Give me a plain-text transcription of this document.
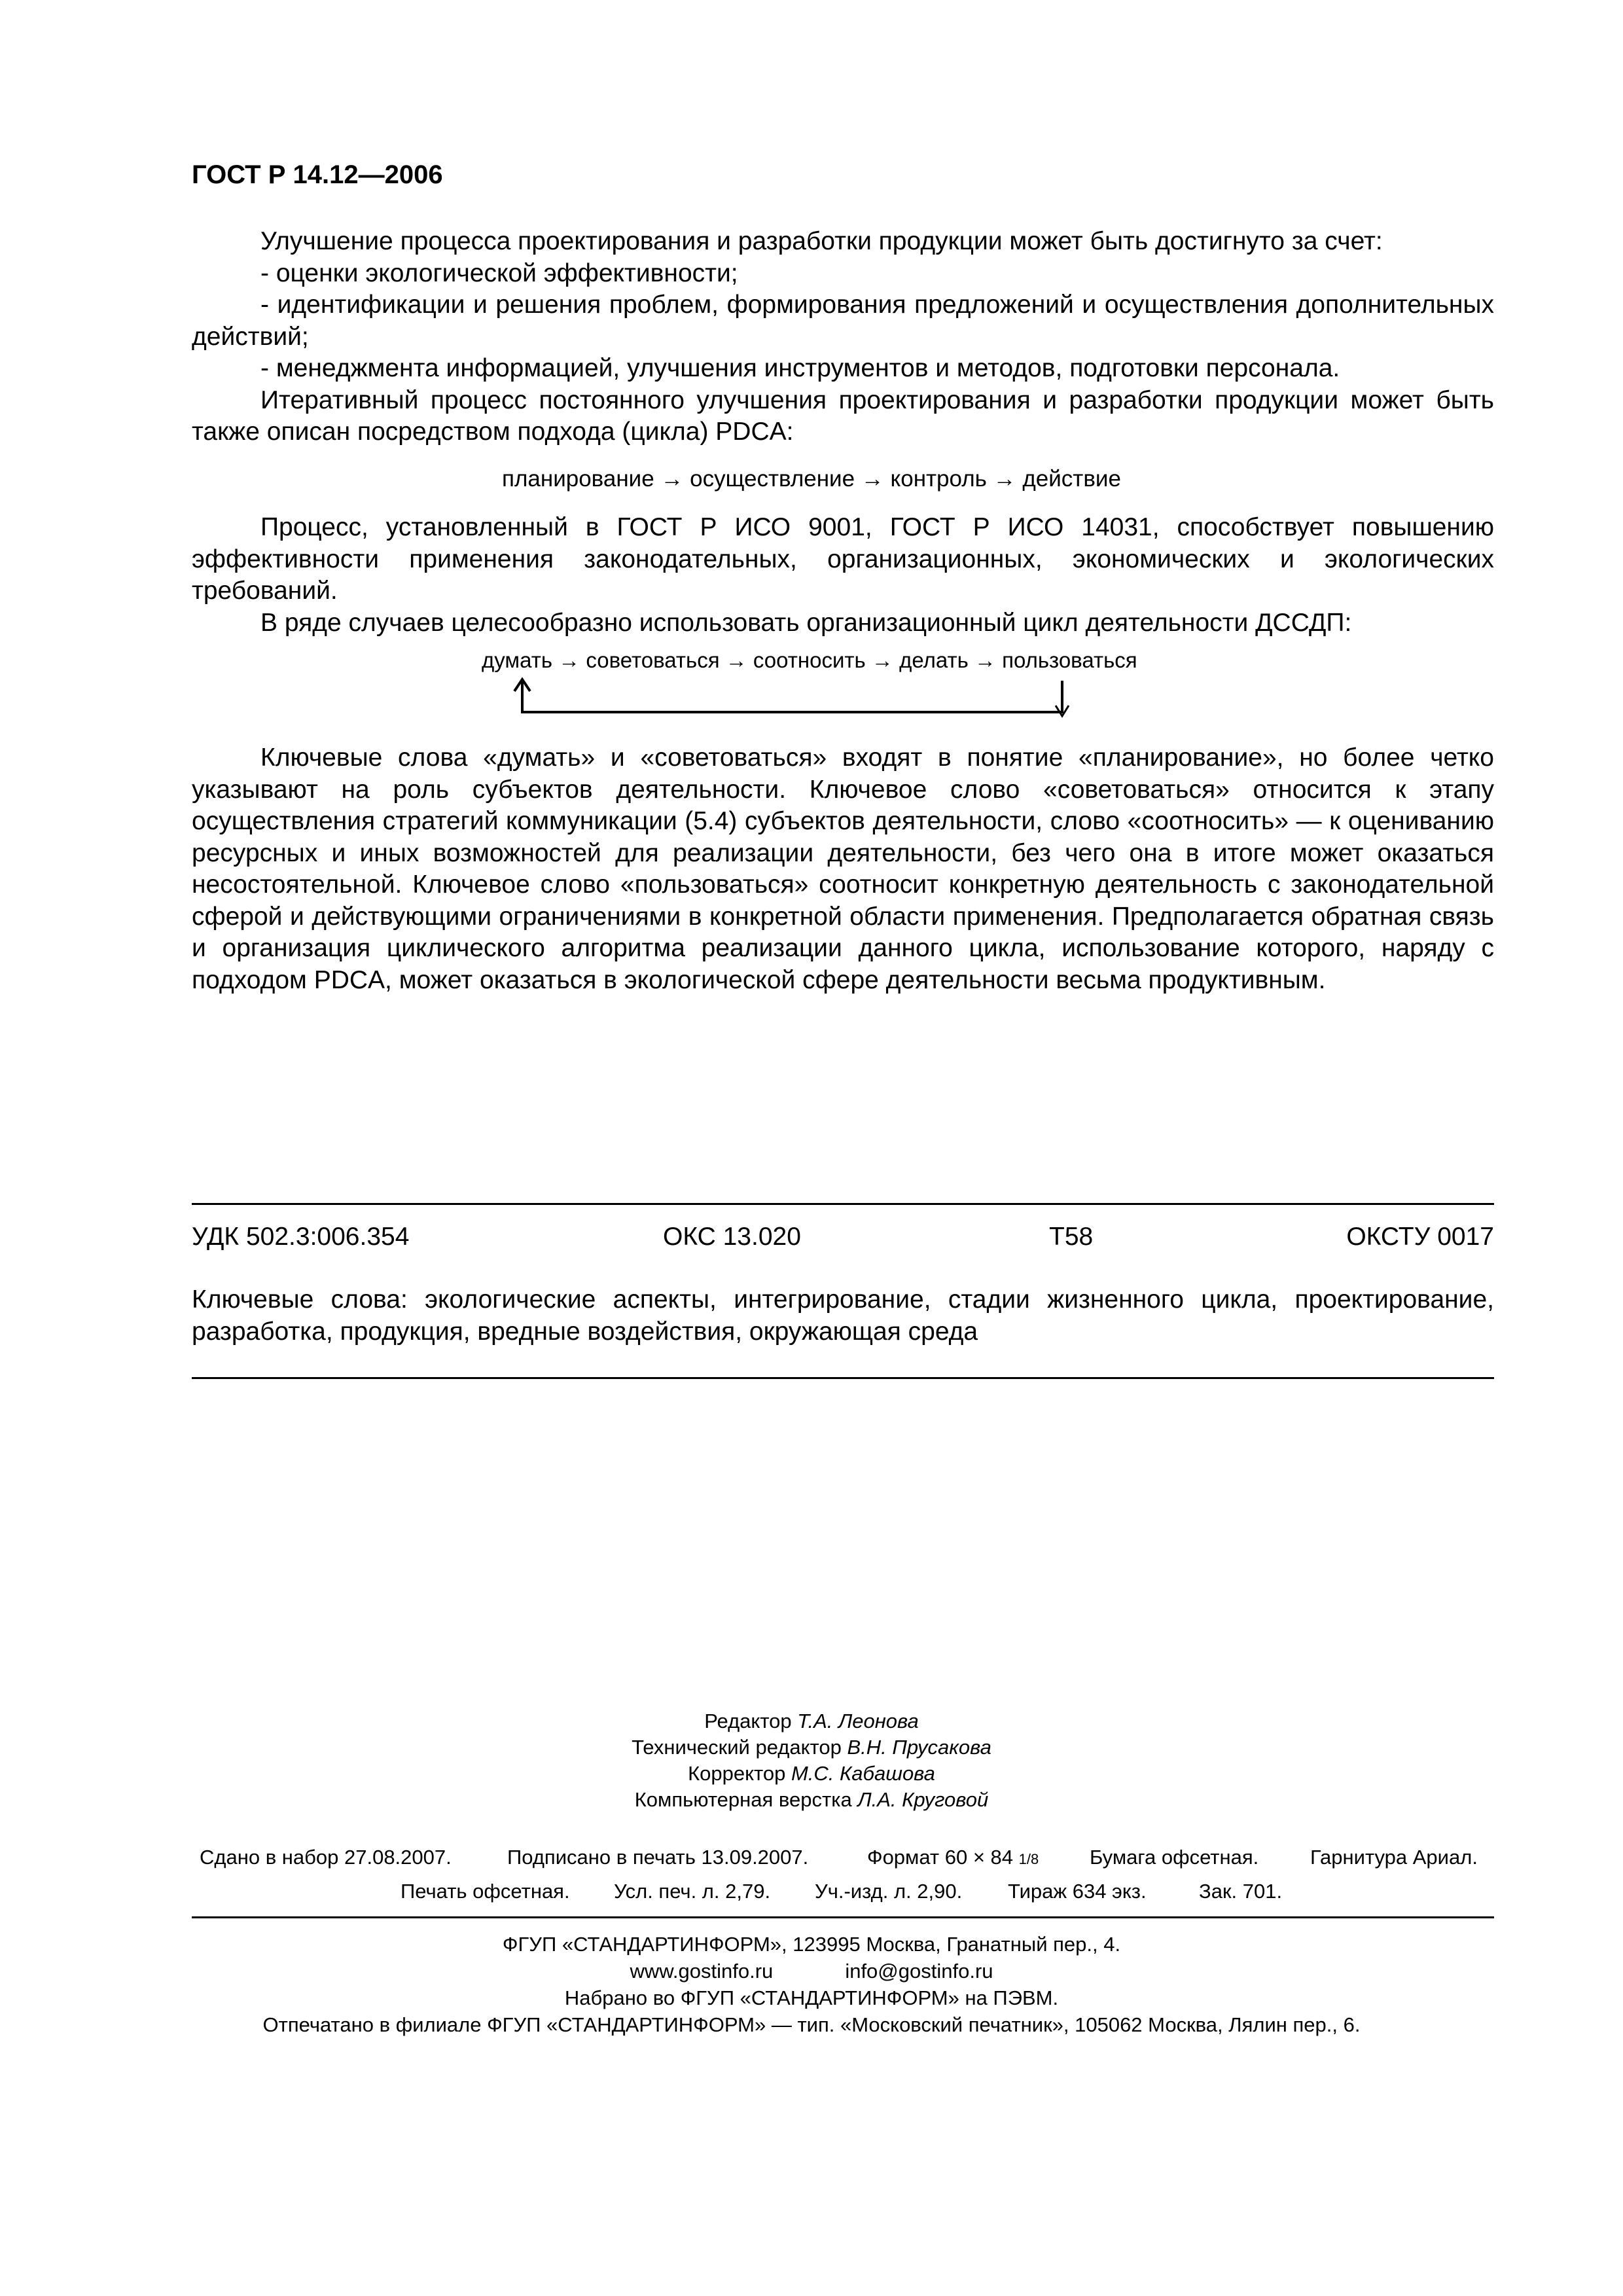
ГОСТ Р 14.12—2006

Улучшение процесса проектирования и разработки продукции может быть достигнуто за счет:

- оценки экологической эффективности;

- идентификации и решения проблем, формирования предложений и осуществления дополнительных действий;

- менеджмента информацией, улучшения инструментов и методов, подготовки персонала.

Итеративный процесс постоянного улучшения проектирования и разработки продукции может быть также описан посредством подхода (цикла) PDCA:

планирование → осуществление → контроль → действие

Процесс, установленный в ГОСТ Р ИСО 9001, ГОСТ Р ИСО 14031, способствует повышению эффективности применения законодательных, организационных, экономических и экологических требований.

В ряде случаев целесообразно использовать организационный цикл деятельности ДССДП:

думать → советоваться → соотносить → делать → пользоваться

Ключевые слова «думать» и «советоваться» входят в понятие «планирование», но более четко указывают на роль субъектов деятельности. Ключевое слово «советоваться» относится к этапу осуществления стратегий коммуникации (5.4) субъектов деятельности, слово «соотносить» — к оцениванию ресурсных и иных возможностей для реализации деятельности, без чего она в итоге может оказаться несостоятельной. Ключевое слово «пользоваться» соотносит конкретную деятельность с законодательной сферой и действующими ограничениями в конкретной области применения. Предполагается обратная связь и организация циклического алгоритма реализации данного цикла, использование которого, наряду с подходом PDCA, может оказаться в экологической сфере деятельности весьма продуктивным.

УДК 502.3:006.354	ОКС 13.020	Т58	ОКСТУ 0017
Ключевые слова: экологические аспекты, интегрирование, стадии жизненного цикла, проектирование, разработка, продукция, вредные воздействия, окружающая среда
Редактор Т.А. Леонова
Технический редактор В.Н. Прусакова
Корректор М.С. Кабашова
Компьютерная верстка Л.А. Круговой
Сдано в набор 27.08.2007.	Подписано в печать 13.09.2007.	Формат 60 × 84 1/8	Бумага офсетная.	Гарнитура Ариал.
Печать офсетная. Усл. печ. л. 2,79. Уч.-изд. л. 2,90. Тираж 634 экз.	Зак. 701.
ФГУП «СТАНДАРТИНФОРМ», 123995 Москва, Гранатный пер., 4.
www.gostinfo.ru	info@gostinfo.ru
Набрано во ФГУП «СТАНДАРТИНФОРМ» на ПЭВМ.
Отпечатано в филиале ФГУП «СТАНДАРТИНФОРМ» — тип. «Московский печатник», 105062 Москва, Лялин пер., 6.
